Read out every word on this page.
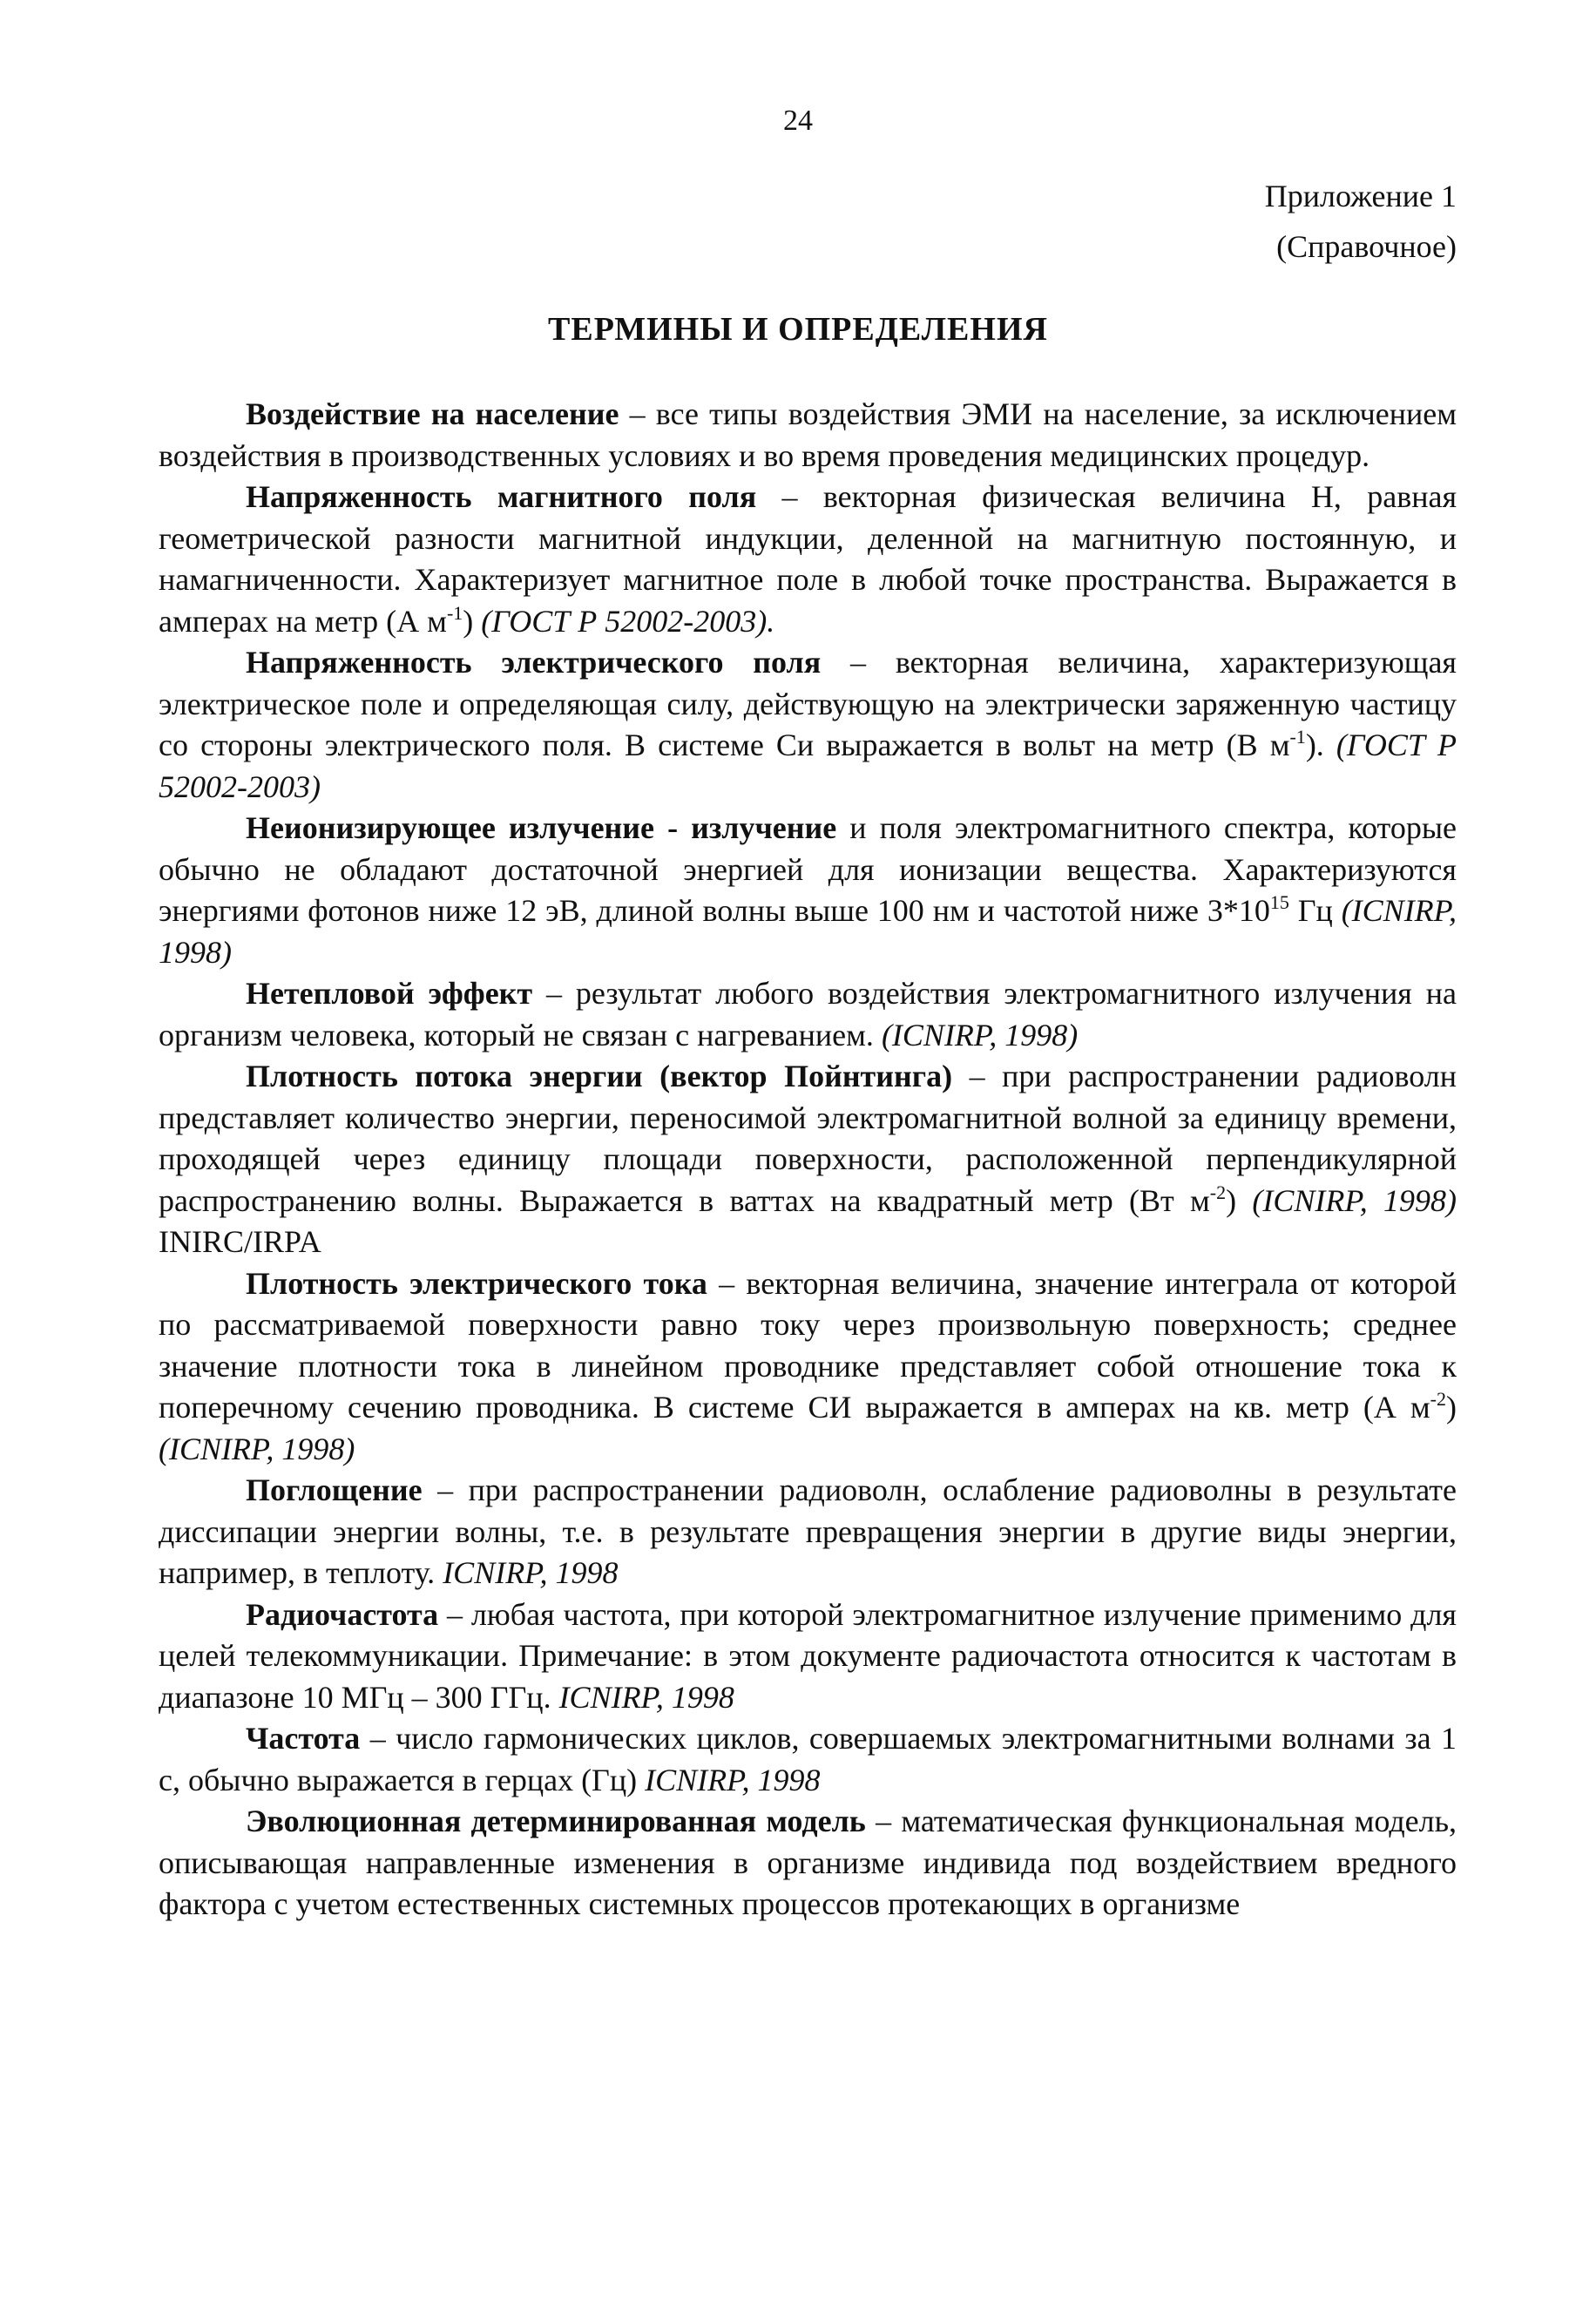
24
Приложение 1
(Справочное)
ТЕРМИНЫ И ОПРЕДЕЛЕНИЯ

Воздействие на население – все типы воздействия ЭМИ на население, за исключением воздействия в производственных условиях и во время проведения медицинских процедур.

Напряженность магнитного поля – векторная физическая величина Н, равная геометрической разности магнитной индукции, деленной на магнитную постоянную, и намагниченности. Характеризует магнитное поле в любой точке пространства. Выражается в амперах на метр (А $м^{-1}$) (ГОСТ Р 52002-2003).

Напряженность электрического поля – векторная величина, характеризующая электрическое поле и определяющая силу, действующую на электрически заряженную частицу со стороны электрического поля. В системе Си выражается в вольт на метр (В $м^{-1}$). (ГОСТ Р 52002-2003)

Неионизирующее излучение - излучение и поля электромагнитного спектра, которые обычно не обладают достаточной энергией для ионизации вещества. Характеризуются энергиями фотонов ниже 12 эВ, длиной волны выше 100 нм и частотой ниже $3*10^{15}$ Гц (ICNIRP, 1998)

Нетепловой эффект – результат любого воздействия электромагнитного излучения на организм человека, который не связан с нагреванием. (ICNIRP, 1998)

Плотность потока энергии (вектор Пойнтинга) – при распространении радиоволн представляет количество энергии, переносимой электромагнитной волной за единицу времени, проходящей через единицу площади поверхности, расположенной перпендикулярной распространению волны. Выражается в ваттах на квадратный метр (Вт $м^{-2}$) (ICNIRP, 1998) INIRC/IRPA

Плотность электрического тока – векторная величина, значение интеграла от которой по рассматриваемой поверхности равно току через произвольную поверхность; среднее значение плотности тока в линейном проводнике представляет собой отношение тока к поперечному сечению проводника. В системе СИ выражается в амперах на кв. метр (А $м^{-2}$) (ICNIRP, 1998)

Поглощение – при распространении радиоволн, ослабление радиоволны в результате диссипации энергии волны, т.е. в результате превращения энергии в другие виды энергии, например, в теплоту. ICNIRP, 1998

Радиочастота – любая частота, при которой электромагнитное излучение применимо для целей телекоммуникации. Примечание: в этом документе радиочастота относится к частотам в диапазоне 10 МГц – 300 ГГц. ICNIRP, 1998

Частота – число гармонических циклов, совершаемых электромагнитными волнами за 1 с, обычно выражается в герцах (Гц) ICNIRP, 1998

Эволюционная детерминированная модель – математическая функциональная модель, описывающая направленные изменения в организме индивида под воздействием вредного фактора с учетом естественных системных процессов протекающих в организме
